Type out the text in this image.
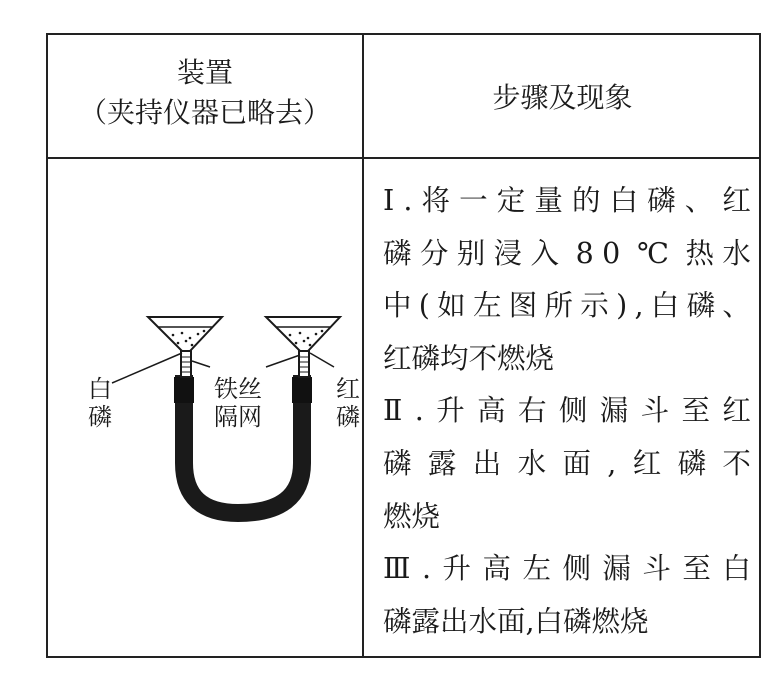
装置
（夹持仪器已略去）	步骤及现象
白
磷
铁丝
隔网
红
磷
Ⅰ . 将 一 定 量 的 白 磷 、 红
磷 分 别 浸 入 8 0 ℃ 热 水
中 ( 如 左 图 所 示 ) , 白 磷 、
红磷均不燃烧
Ⅱ . 升 高 右 侧 漏 斗 至 红
磷 露 出 水 面 , 红 磷 不
燃烧
Ⅲ . 升 高 左 侧 漏 斗 至 白
磷露出水面,白磷燃烧
